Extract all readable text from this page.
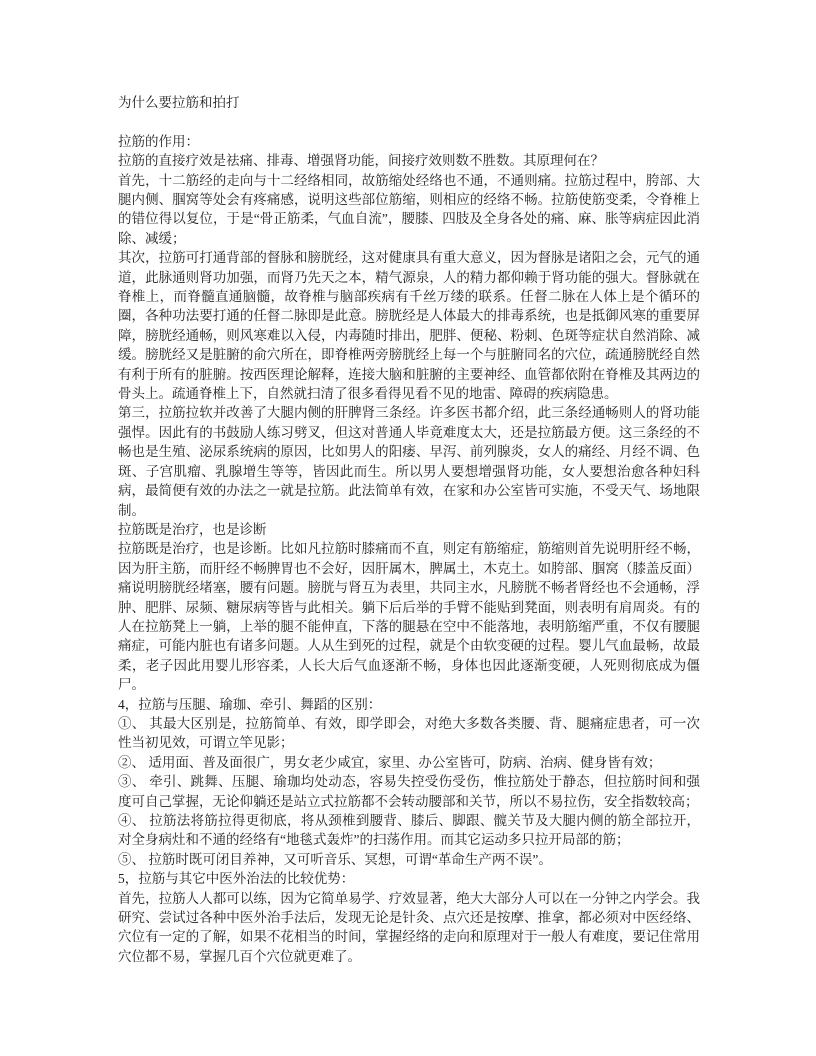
为什么要拉筋和拍打

拉筋的作用：

拉筋的直接疗效是祛痛、排毒、增强肾功能，间接疗效则数不胜数。其原理何在？

首先，十二筋经的走向与十二经络相同，故筋缩处经络也不通，不通则痛。拉筋过程中，胯部、大腿内侧、腘窝等处会有疼痛感，说明这些部位筋缩，则相应的经络不畅。拉筋使筋变柔，令脊椎上的错位得以复位，于是“骨正筋柔，气血自流”，腰膝、四肢及全身各处的痛、麻、胀等病症因此消除、减缓；

其次，拉筋可打通背部的督脉和膀胱经，这对健康具有重大意义，因为督脉是诸阳之会，元气的通道，此脉通则肾功加强，而肾乃先天之本，精气源泉，人的精力都仰赖于肾功能的强大。督脉就在脊椎上，而脊髓直通脑髓，故脊椎与脑部疾病有千丝万缕的联系。任督二脉在人体上是个循环的圈，各种功法要打通的任督二脉即是此意。膀胱经是人体最大的排毒系统，也是抵御风寒的重要屏障，膀胱经通畅，则风寒难以入侵，内毒随时排出，肥胖、便秘、粉刺、色斑等症状自然消除、减缓。膀胱经又是脏腑的俞穴所在，即脊椎两旁膀胱经上每一个与脏腑同名的穴位，疏通膀胱经自然有利于所有的脏腑。按西医理论解释，连接大脑和脏腑的主要神经、血管都依附在脊椎及其两边的骨头上。疏通脊椎上下，自然就扫清了很多看得见看不见的地雷、障碍的疾病隐患。

第三，拉筋拉软并改善了大腿内侧的肝脾肾三条经。许多医书都介绍，此三条经通畅则人的肾功能强悍。因此有的书鼓励人练习劈叉，但这对普通人毕竟难度太大，还是拉筋最方便。这三条经的不畅也是生殖、泌尿系统病的原因，比如男人的阳痿、早泻、前列腺炎，女人的痛经、月经不调、色斑、子宫肌瘤、乳腺增生等等，皆因此而生。所以男人要想增强肾功能，女人要想治愈各种妇科病，最简便有效的办法之一就是拉筋。此法简单有效，在家和办公室皆可实施，不受天气、场地限制。

拉筋既是治疗，也是诊断

拉筋既是治疗，也是诊断。比如凡拉筋时膝痛而不直，则定有筋缩症，筋缩则首先说明肝经不畅，因为肝主筋，而肝经不畅脾胃也不会好，因肝属木，脾属土，木克土。如胯部、腘窝（膝盖反面）痛说明膀胱经堵塞，腰有问题。膀胱与肾互为表里，共同主水，凡膀胱不畅者肾经也不会通畅，浮肿、肥胖、尿频、糖尿病等皆与此相关。躺下后后举的手臂不能贴到凳面，则表明有肩周炎。有的人在拉筋凳上一躺，上举的腿不能伸直，下落的腿悬在空中不能落地，表明筋缩严重，不仅有腰腿痛症，可能内脏也有诸多问题。人从生到死的过程，就是个由软变硬的过程。婴儿气血最畅，故最柔，老子因此用婴儿形容柔，人长大后气血逐渐不畅，身体也因此逐渐变硬，人死则彻底成为僵尸。

4，拉筋与压腿、瑜珈、牵引、舞蹈的区别：

①、 其最大区别是，拉筋简单、有效，即学即会，对绝大多数各类腰、背、腿痛症患者，可一次性当初见效，可谓立竿见影；

②、 适用面、普及面很广，男女老少咸宜，家里、办公室皆可，防病、治病、健身皆有效；

③、 牵引、跳舞、压腿、瑜珈均处动态，容易失控受伤受伤，惟拉筋处于静态，但拉筋时间和强度可自己掌握，无论仰躺还是站立式拉筋都不会转动腰部和关节，所以不易拉伤，安全指数较高；

④、 拉筋法将筋拉得更彻底，将从颈椎到腰背、膝后、脚跟、髋关节及大腿内侧的筋全部拉开，对全身病灶和不通的经络有“地毯式轰炸”的扫荡作用。而其它运动多只拉开局部的筋；

⑤、 拉筋时既可闭目养神，又可听音乐、冥想，可谓“革命生产两不误”。

5，拉筋与其它中医外治法的比较优势：

首先，拉筋人人都可以练，因为它简单易学、疗效显著，绝大大部分人可以在一分钟之内学会。我研究、尝试过各种中医外治手法后，发现无论是针灸、点穴还是按摩、推拿，都必须对中医经络、穴位有一定的了解，如果不花相当的时间，掌握经络的走向和原理对于一般人有难度，要记住常用穴位都不易，掌握几百个穴位就更难了。
